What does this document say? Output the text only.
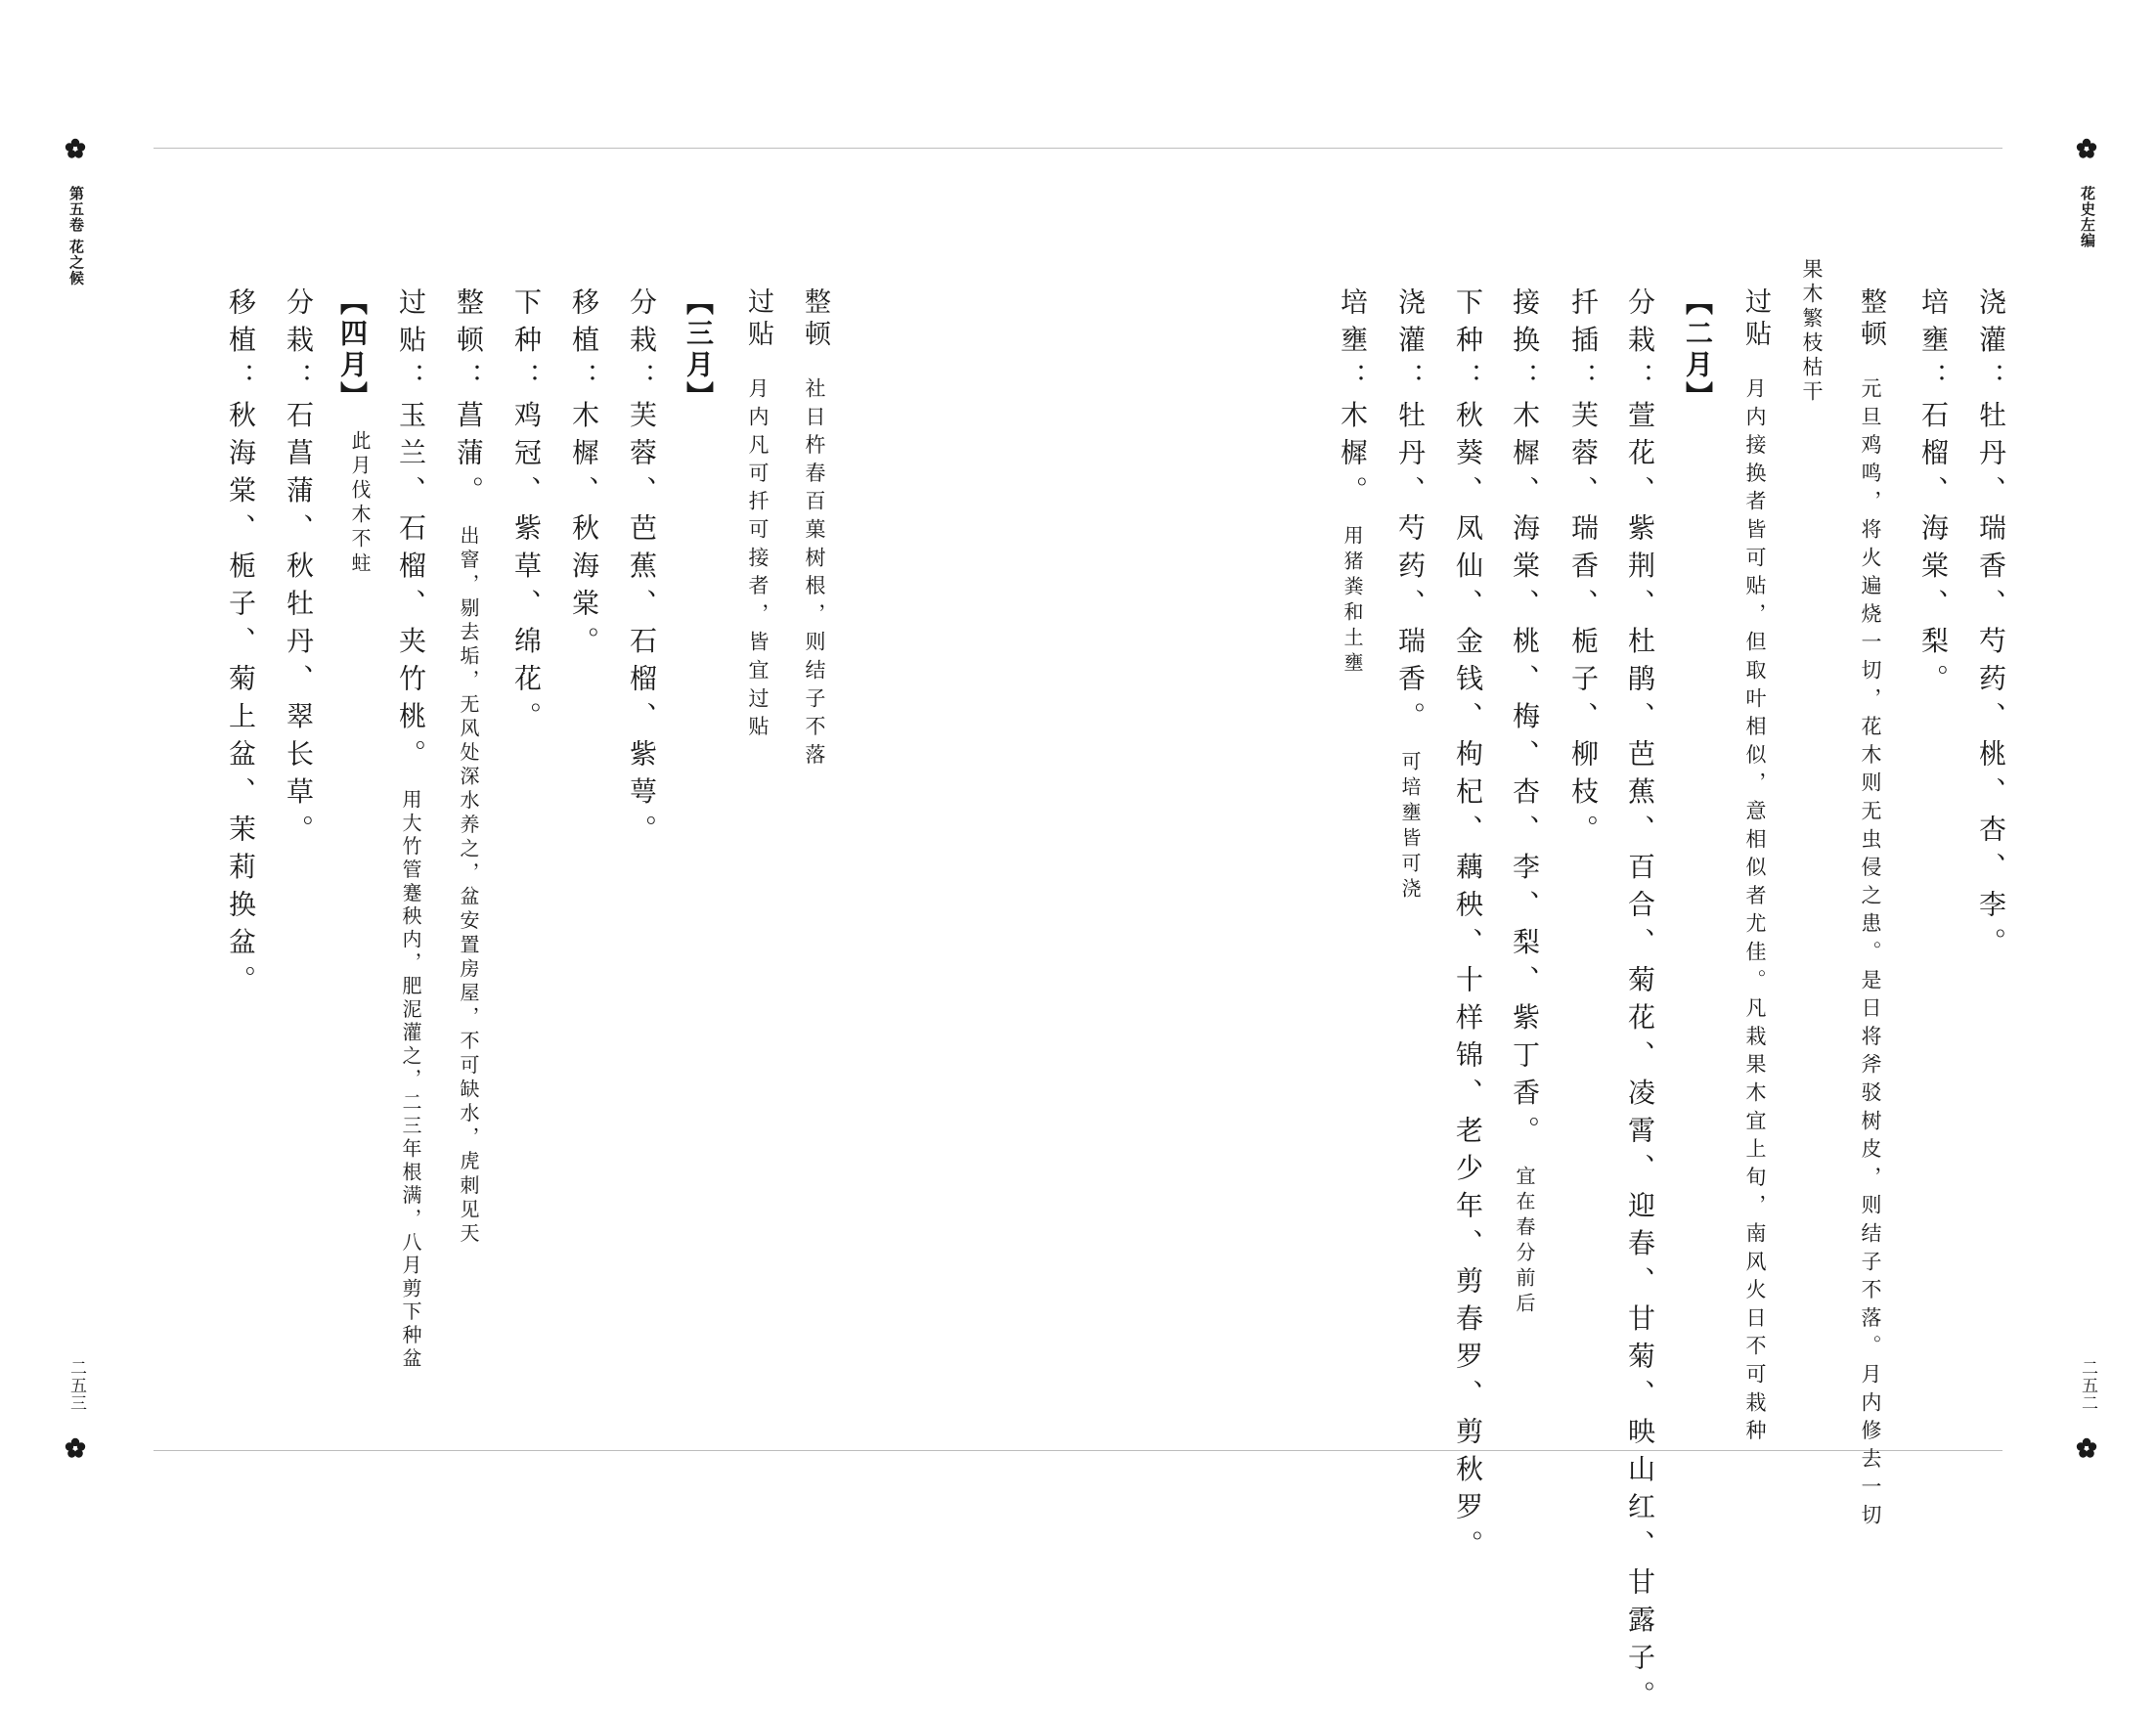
第五卷 花之候	花史左编
二五三	二五二
浇灌：牡丹、瑞香、芍药、桃、杏、李。
培壅：石榴、海棠、梨。
整顿元旦鸡鸣，将火遍烧一切，花木则无虫侵之患。是日将斧驳树皮，则结子不落。月内修去一切
果木繁枝枯干
过贴月内接换者皆可贴，但取叶相似，意相似者尤佳。凡栽果木宜上旬，南风火日不可栽种
【二月】
分栽：萱花、紫荆、杜鹃、芭蕉、百合、菊花、凌霄、迎春、甘菊、映山红、甘露子。
扦插：芙蓉、瑞香、栀子、柳枝。
接换：木樨、海棠、桃、梅、杏、李、梨、紫丁香。宜在春分前后
下种：秋葵、凤仙、金钱、枸杞、藕秧、十样锦、老少年、剪春罗、剪秋罗。
浇灌：牡丹、芍药、瑞香。可培壅皆可浇
培壅：木樨。用猪粪和土壅
整顿社日杵春百菓树根，则结子不落
过贴月内凡可扦可接者，皆宜过贴
【三月】
分栽：芙蓉、芭蕉、石榴、紫萼。
移植：木樨、秋海棠。
下种：鸡冠、紫草、绵花。
整顿：菖蒲。出窨，剔去垢，无风处深水养之，盆安置房屋，不可缺水，虎刺见天
过贴：玉兰、石榴、夹竹桃。用大竹管蹇秧内，肥泥灌之，二三年根满，八月剪下种盆
【四月】
此月伐木不蛀
分栽：石菖蒲、秋牡丹、翠长草。
移植：秋海棠、栀子、菊上盆、茉莉换盆。
